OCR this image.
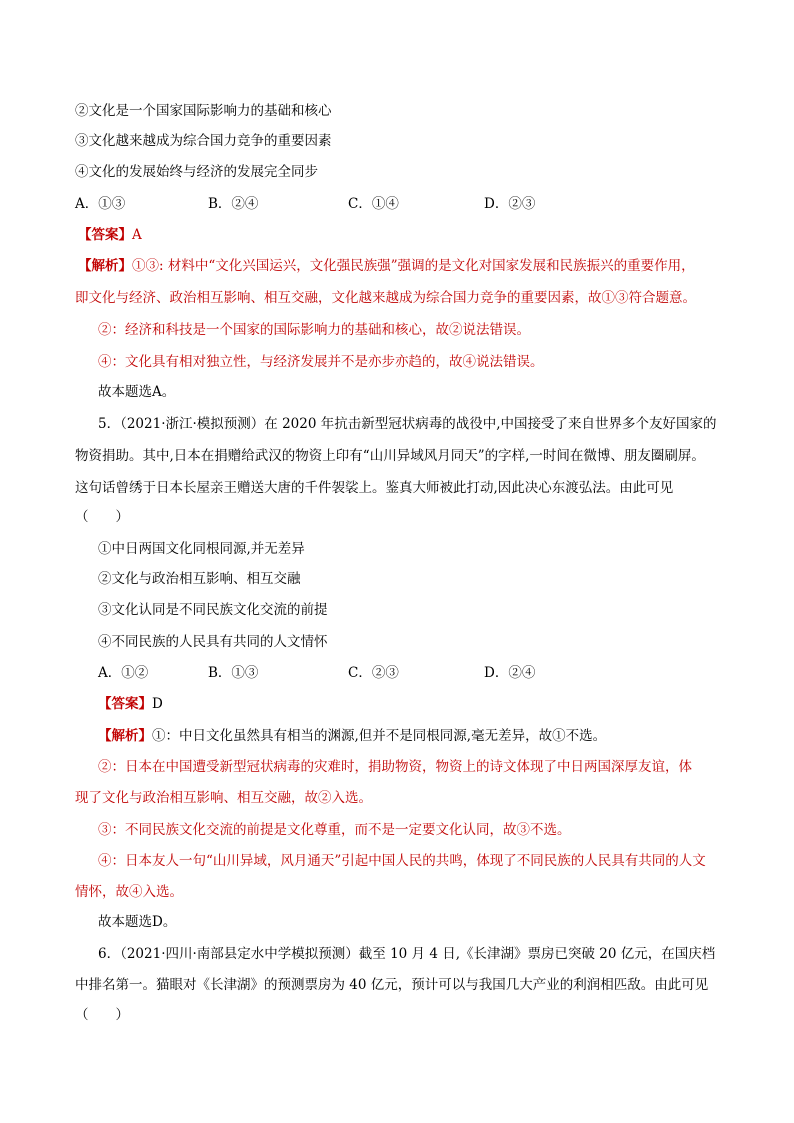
②文化是一个国家国际影响力的基础和核心
③文化越来越成为综合国力竞争的重要因素
④文化的发展始终与经济的发展完全同步
A．①③	B．②④	C．①④	D．②③
【答案】A
【解析】①③: 材料中“文化兴国运兴，文化强民族强”强调的是文化对国家发展和民族振兴的重要作用，
即文化与经济、政治相互影响、相互交融，文化越来越成为综合国力竞争的重要因素，故①③符合题意。
②：经济和科技是一个国家的国际影响力的基础和核心，故②说法错误。
④：文化具有相对独立性，与经济发展并不是亦步亦趋的，故④说法错误。
故本题选A。
5．（2021·浙江·模拟预测）在 2020 年抗击新型冠状病毒的战役中,中国接受了来自世界多个友好国家的
物资捐助。其中,日本在捐赠给武汉的物资上印有“山川异域风月同天”的字样,一时间在微博、朋友圈刷屏。
这句话曾绣于日本长屋亲王赠送大唐的千件袈裟上。鉴真大师被此打动,因此决心东渡弘法。由此可见
（　　）
①中日两国文化同根同源,并无差异
②文化与政治相互影响、相互交融
③文化认同是不同民族文化交流的前提
④不同民族的人民具有共同的人文情怀
A．①②	B．①③	C．②③	D．②④
【答案】D
【解析】①：中日文化虽然具有相当的渊源,但并不是同根同源,毫无差异，故①不选。
②：日本在中国遭受新型冠状病毒的灾难时，捐助物资，物资上的诗文体现了中日两国深厚友谊，体
现了文化与政治相互影响、相互交融，故②入选。
③：不同民族文化交流的前提是文化尊重，而不是一定要文化认同，故③不选。
④：日本友人一句“山川异域，风月通天”引起中国人民的共鸣，体现了不同民族的人民具有共同的人文
情怀，故④入选。
故本题选D。
6．（2021·四川·南部县定水中学模拟预测）截至 10 月 4 日,《长津湖》票房已突破 20 亿元，在国庆档
中排名第一。猫眼对《长津湖》的预测票房为 40 亿元，预计可以与我国几大产业的利润相匹敌。由此可见
（　　）
